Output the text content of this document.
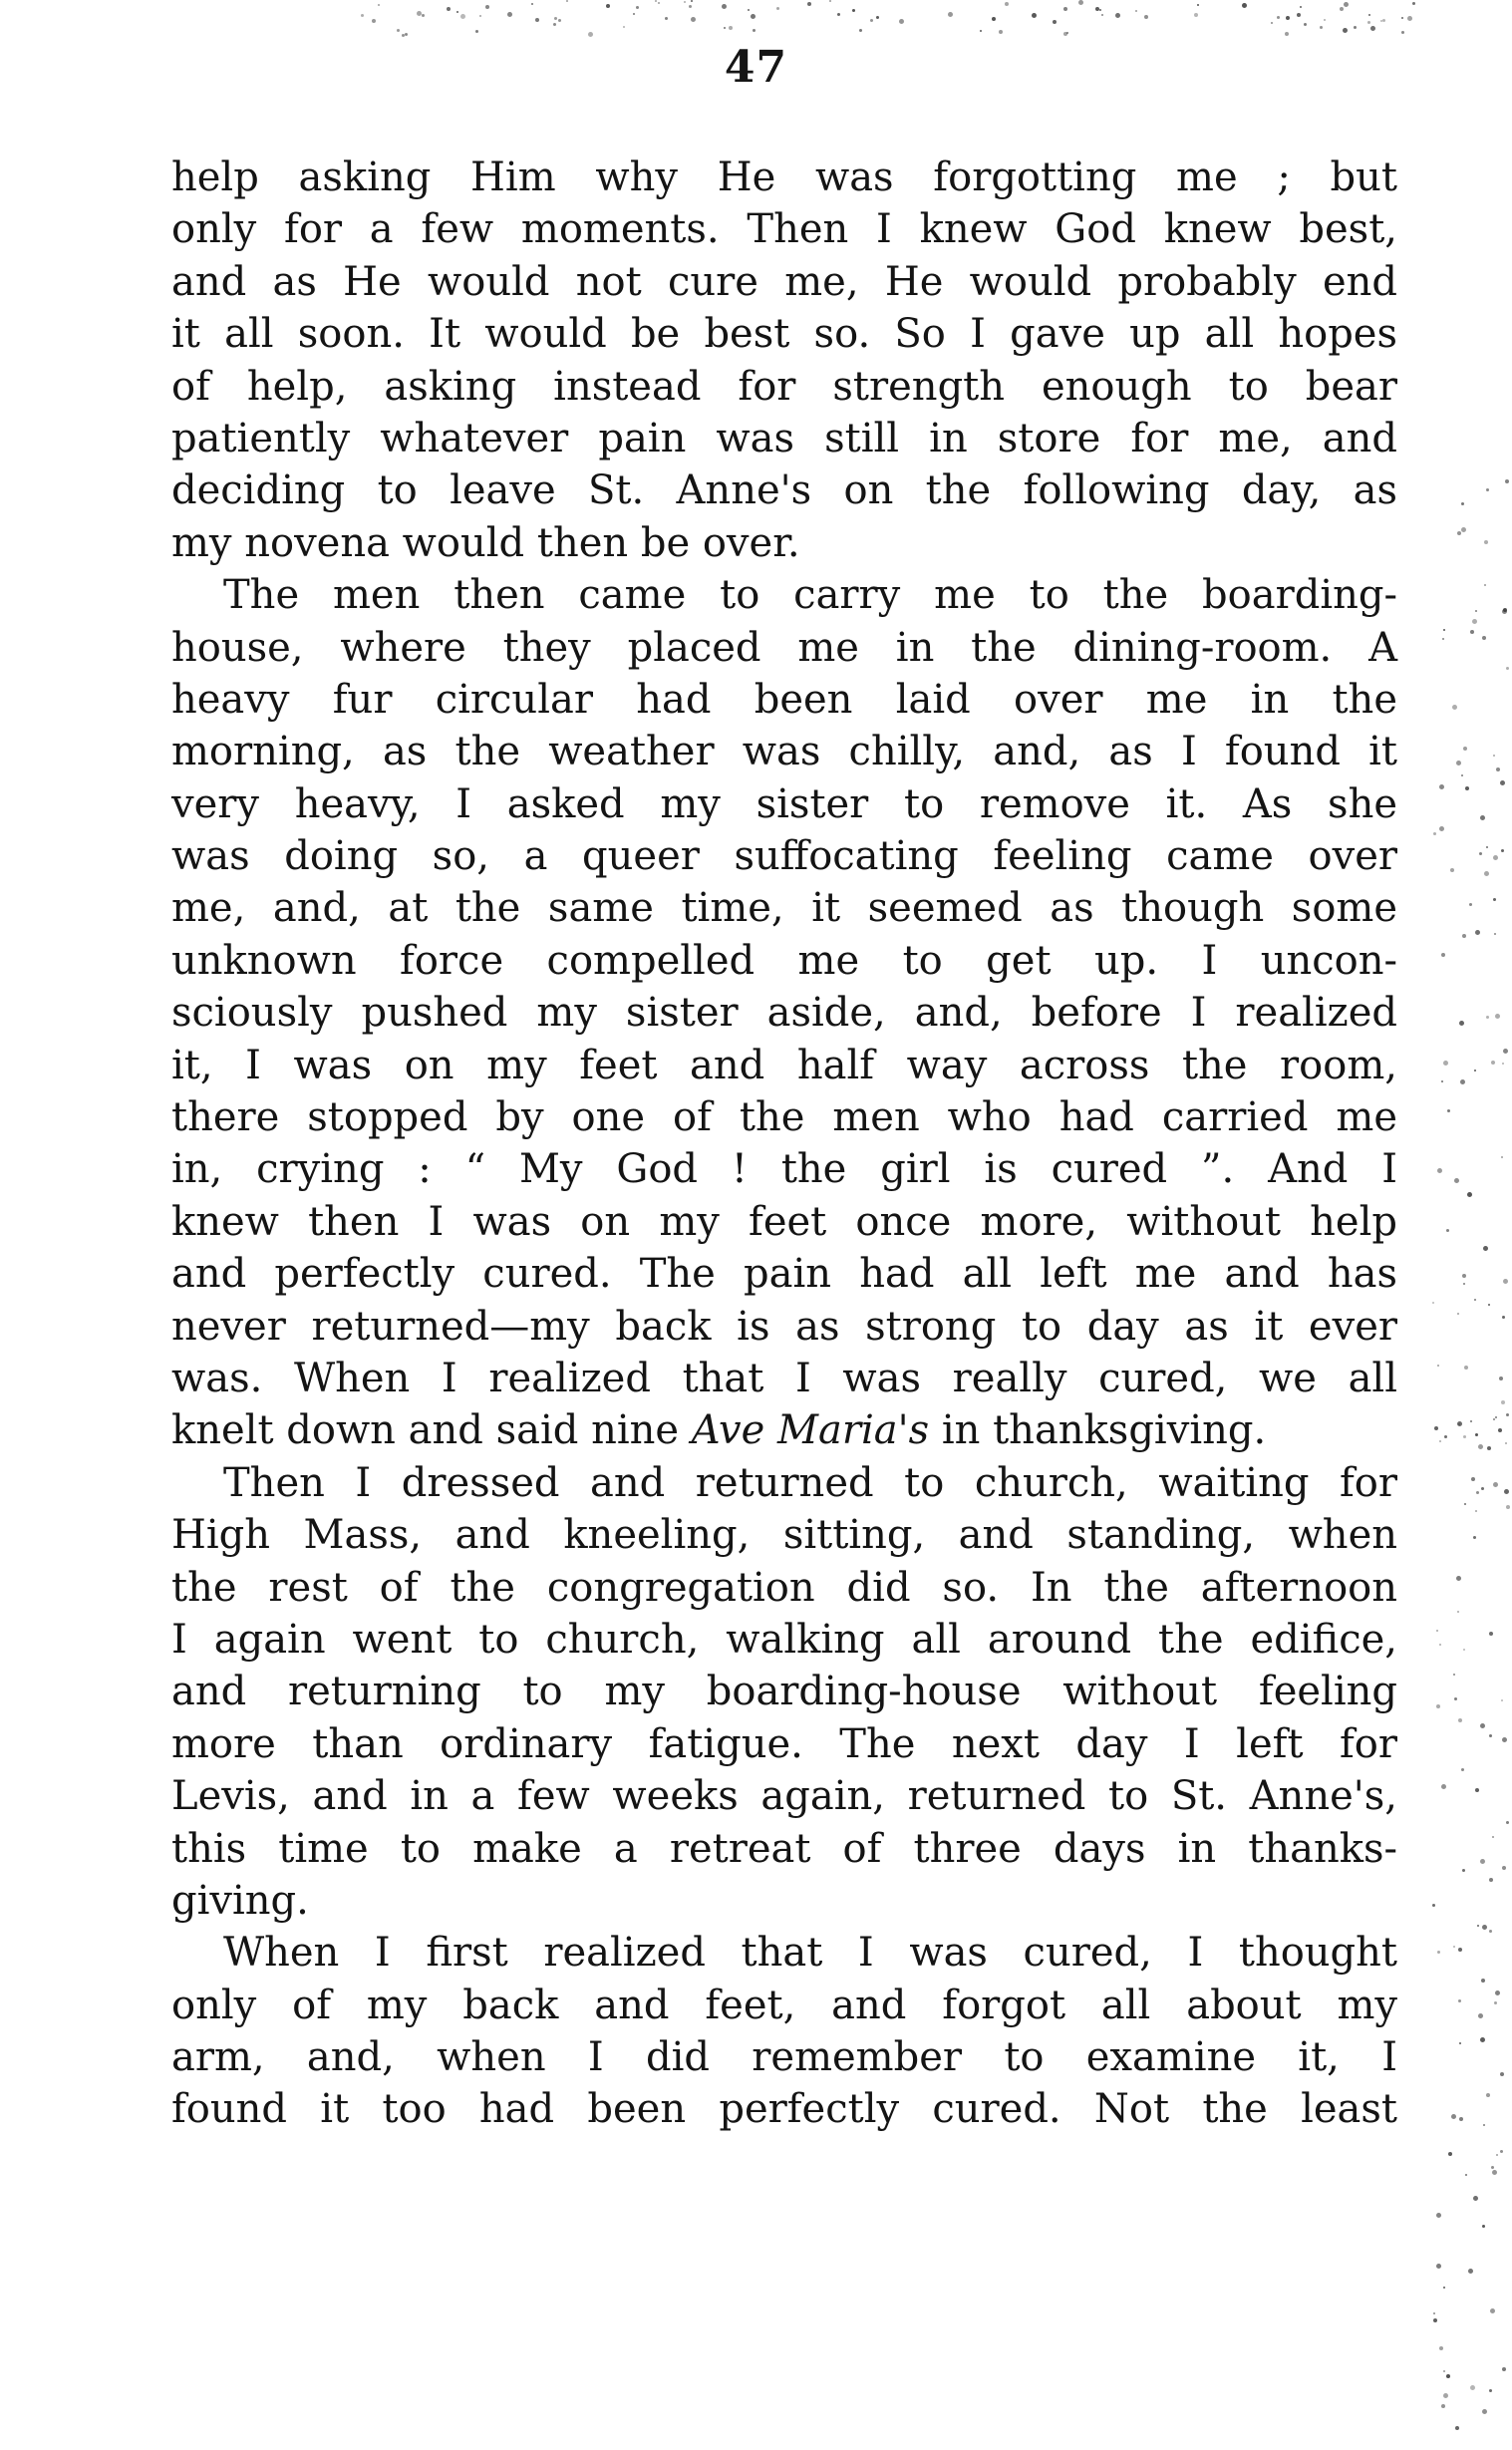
47
help asking Him why He was forgotting me ; but
only for a few moments. Then I knew God knew best,
and as He would not cure me, He would probably end
it all soon. It would be best so. So I gave up all hopes
of help, asking instead for strength enough to bear
patiently whatever pain was still in store for me, and
deciding to leave St. Anne's on the following day, as
my novena would then be over.
The men then came to carry me to the boarding-
house, where they placed me in the dining-room. A
heavy fur circular had been laid over me in the
morning, as the weather was chilly, and, as I found it
very heavy, I asked my sister to remove it. As she
was doing so, a queer suffocating feeling came over
me, and, at the same time, it seemed as though some
unknown force compelled me to get up. I uncon-
sciously pushed my sister aside, and, before I realized
it, I was on my feet and half way across the room,
there stopped by one of the men who had carried me
in, crying : “ My God ! the girl is cured ”. And I
knew then I was on my feet once more, without help
and perfectly cured. The pain had all left me and has
never returned—my back is as strong to day as it ever
was. When I realized that I was really cured, we all
knelt down and said nine Ave Maria's in thanksgiving.
Then I dressed and returned to church, waiting for
High Mass, and kneeling, sitting, and standing, when
the rest of the congregation did so. In the afternoon
I again went to church, walking all around the edifice,
and returning to my boarding-house without feeling
more than ordinary fatigue. The next day I left for
Levis, and in a few weeks again, returned to St. Anne's,
this time to make a retreat of three days in thanks-
giving.
When I first realized that I was cured, I thought
only of my back and feet, and forgot all about my
arm, and, when I did remember to examine it, I
found it too had been perfectly cured. Not the least
